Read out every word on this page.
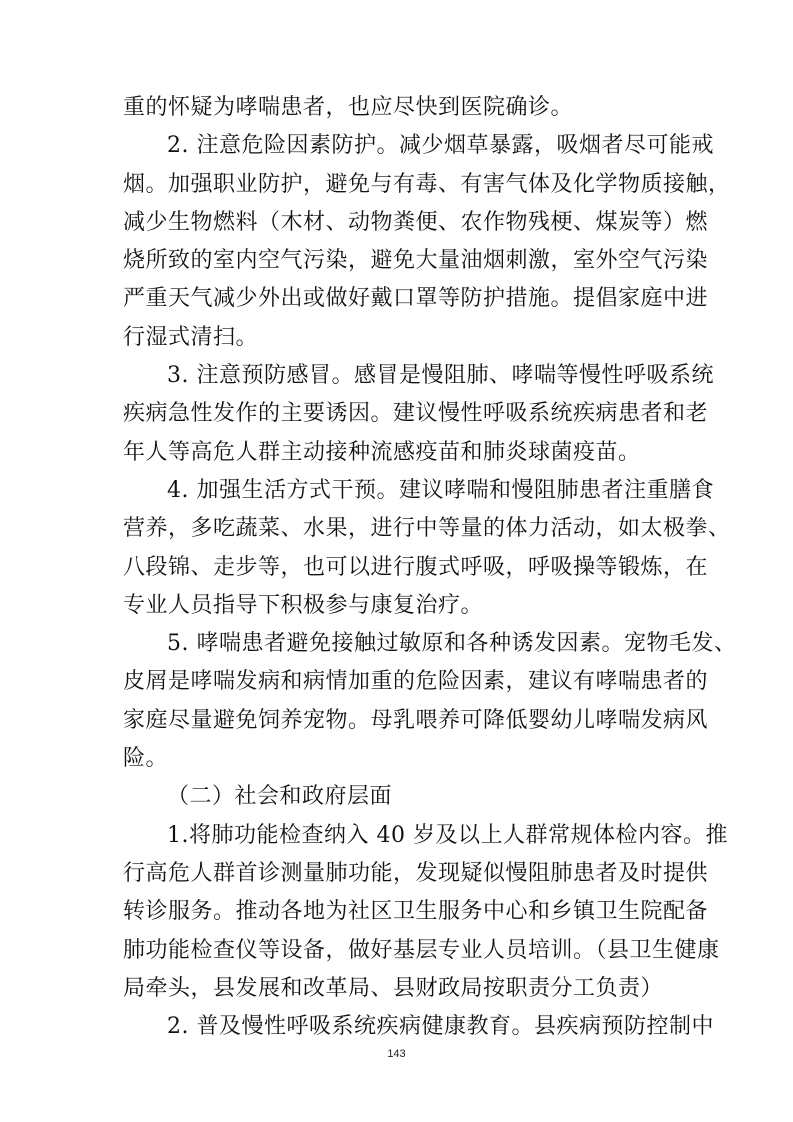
重的怀疑为哮喘患者，也应尽快到医院确诊。
2. 注意危险因素防护。减少烟草暴露，吸烟者尽可能戒
烟。加强职业防护，避免与有毒、有害气体及化学物质接触，
减少生物燃料（木材、动物粪便、农作物残梗、煤炭等）燃
烧所致的室内空气污染，避免大量油烟刺激，室外空气污染
严重天气减少外出或做好戴口罩等防护措施。提倡家庭中进
行湿式清扫。
3. 注意预防感冒。感冒是慢阻肺、哮喘等慢性呼吸系统
疾病急性发作的主要诱因。建议慢性呼吸系统疾病患者和老
年人等高危人群主动接种流感疫苗和肺炎球菌疫苗。
4. 加强生活方式干预。建议哮喘和慢阻肺患者注重膳食
营养，多吃蔬菜、水果，进行中等量的体力活动，如太极拳、
八段锦、走步等，也可以进行腹式呼吸，呼吸操等锻炼，在
专业人员指导下积极参与康复治疗。
5. 哮喘患者避免接触过敏原和各种诱发因素。宠物毛发、
皮屑是哮喘发病和病情加重的危险因素，建议有哮喘患者的
家庭尽量避免饲养宠物。母乳喂养可降低婴幼儿哮喘发病风
险。
（二）社会和政府层面
1.将肺功能检查纳入 40 岁及以上人群常规体检内容。推
行高危人群首诊测量肺功能，发现疑似慢阻肺患者及时提供
转诊服务。推动各地为社区卫生服务中心和乡镇卫生院配备
肺功能检查仪等设备，做好基层专业人员培训。（县卫生健康
局牵头，县发展和改革局、县财政局按职责分工负责）
2. 普及慢性呼吸系统疾病健康教育。县疾病预防控制中
143
